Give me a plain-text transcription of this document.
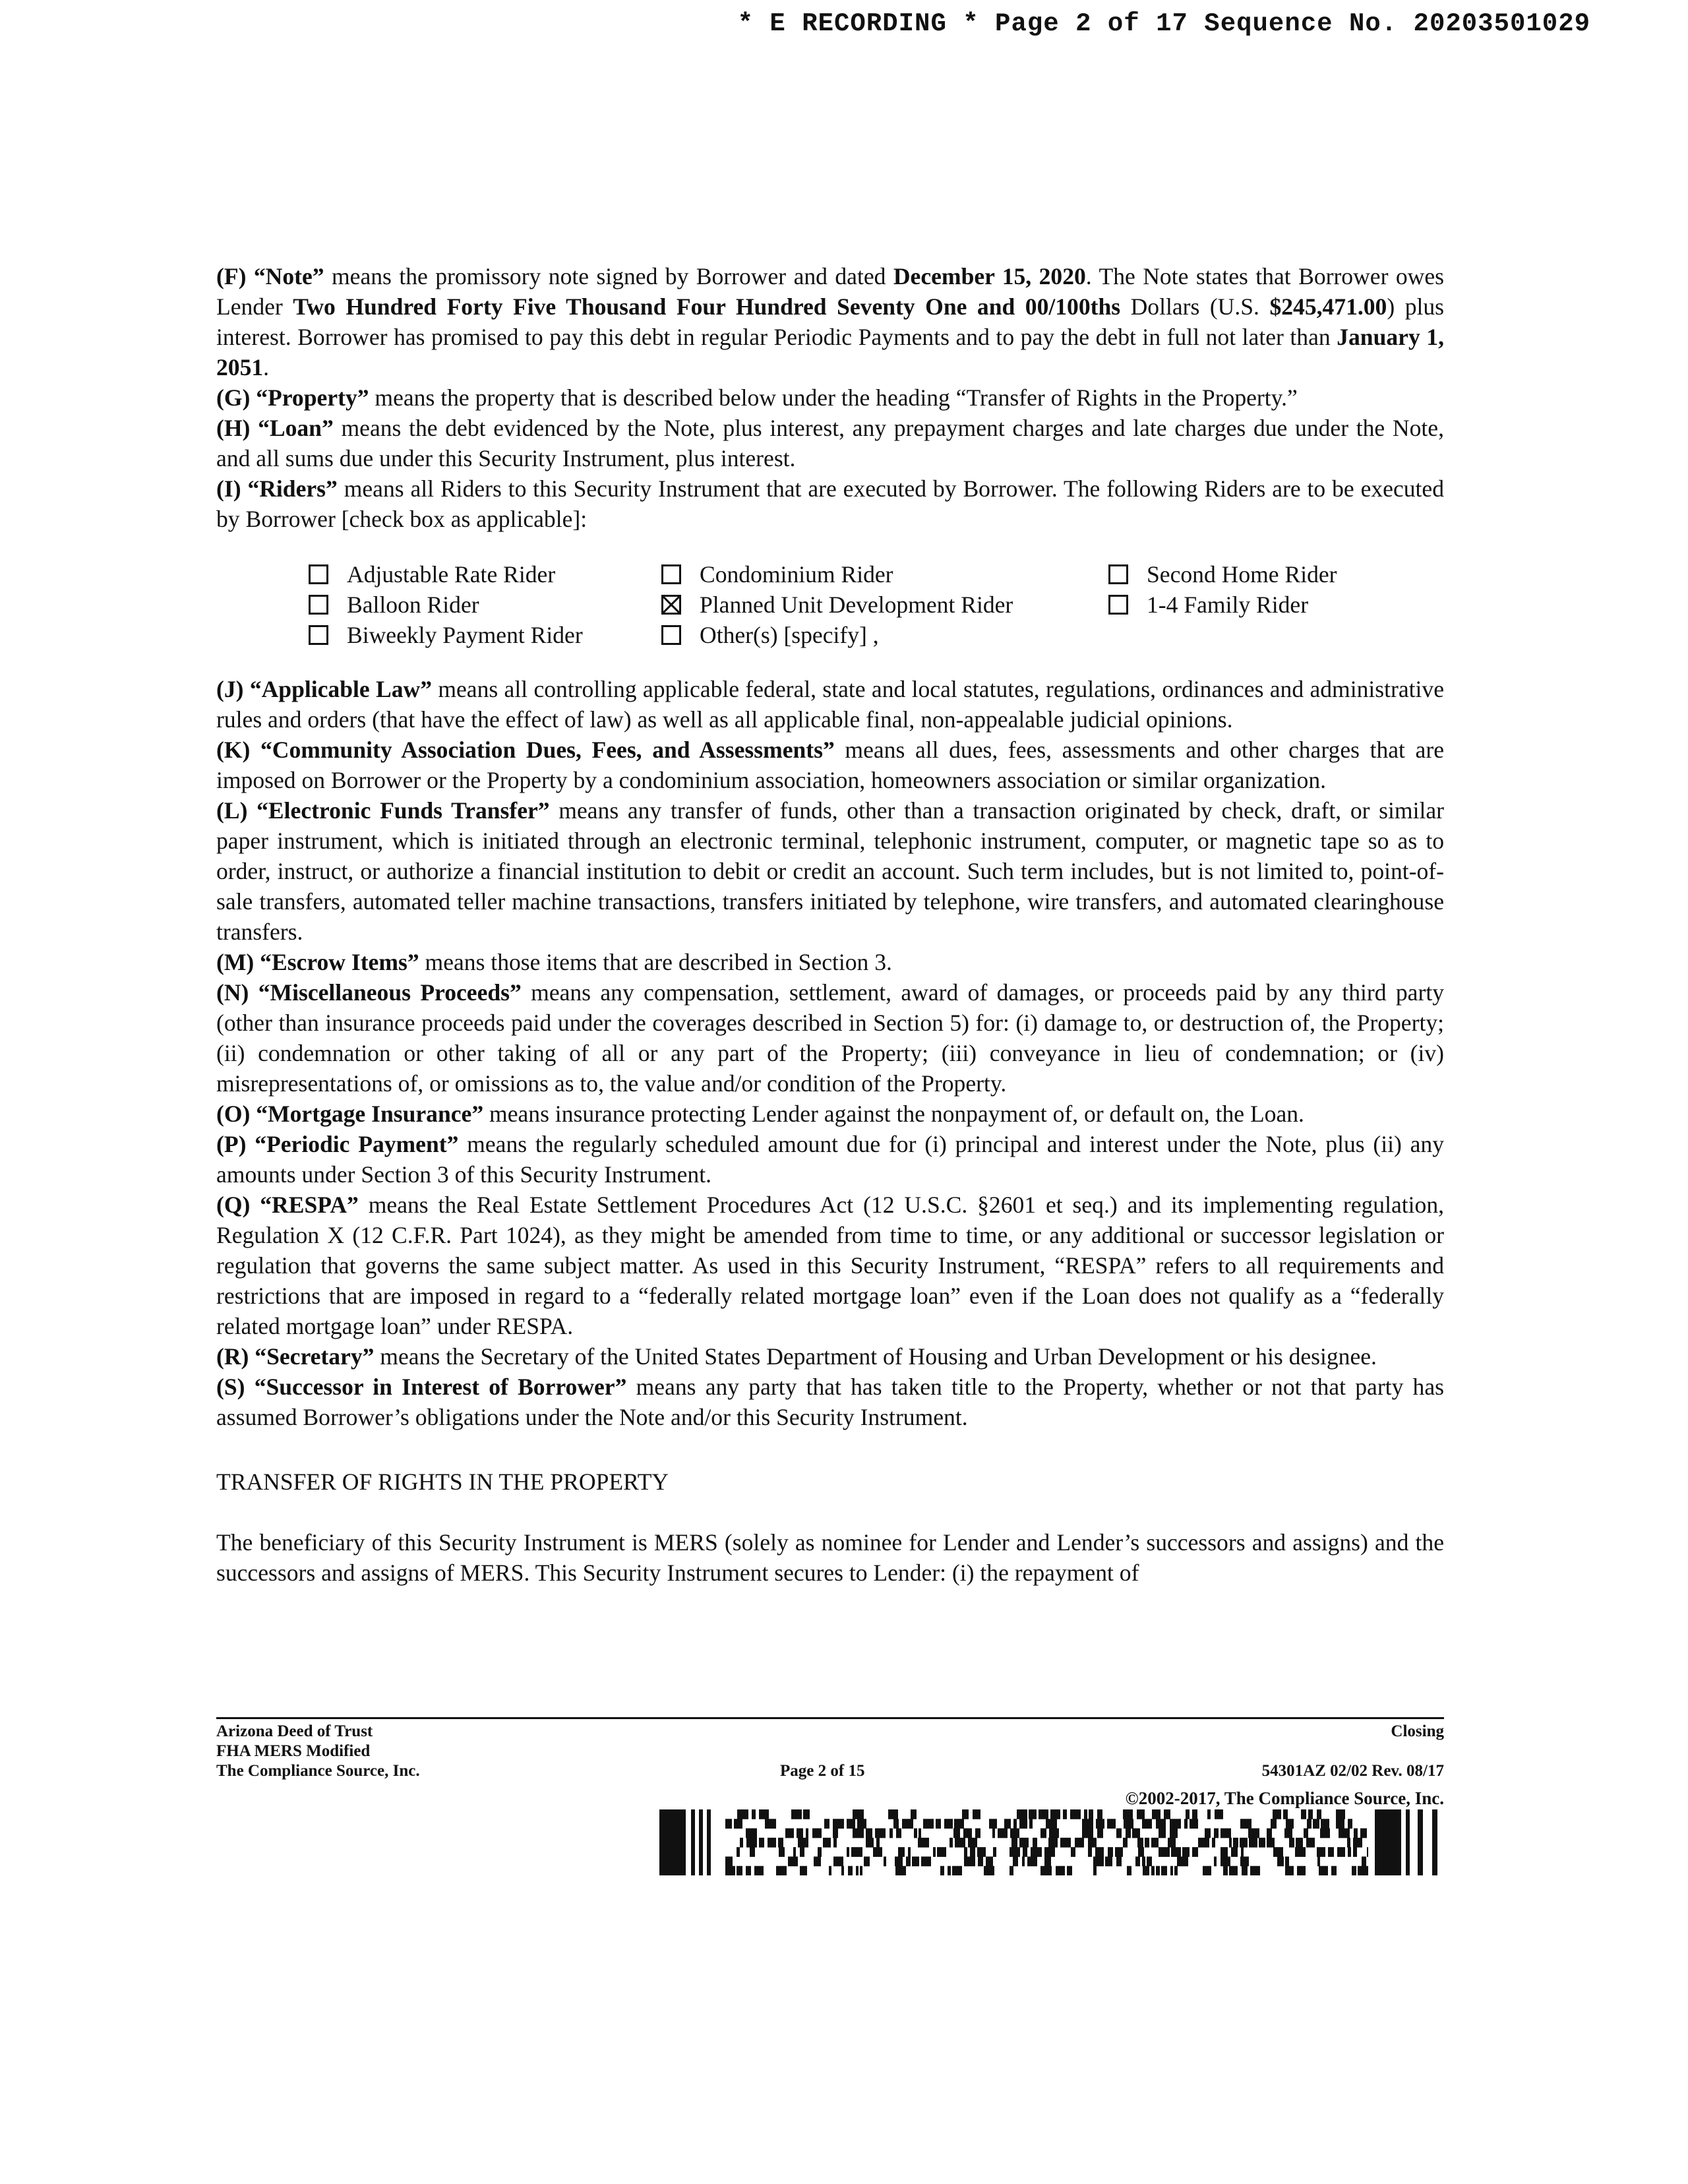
* E RECORDING * Page 2 of 17 Sequence No. 20203501029

(F) “Note” means the promissory note signed by Borrower and dated December 15, 2020. The Note states that Borrower owes Lender Two Hundred Forty Five Thousand Four Hundred Seventy One and 00/100ths Dollars (U.S. $245,471.00) plus interest. Borrower has promised to pay this debt in regular Periodic Payments and to pay the debt in full not later than January 1, 2051.

(G) “Property” means the property that is described below under the heading “Transfer of Rights in the Property.”

(H) “Loan” means the debt evidenced by the Note, plus interest, any prepayment charges and late charges due under the Note, and all sums due under this Security Instrument, plus interest.

(I) “Riders” means all Riders to this Security Instrument that are executed by Borrower. The following Riders are to be executed by Borrower [check box as applicable]:

Adjustable Rate Rider	Condominium Rider	Second Home Rider
Balloon Rider	Planned Unit Development Rider	1-4 Family Rider
Biweekly Payment Rider	Other(s) [specify] ,

(J) “Applicable Law” means all controlling applicable federal, state and local statutes, regulations, ordinances and administrative rules and orders (that have the effect of law) as well as all applicable final, non-appealable judicial opinions.

(K) “Community Association Dues, Fees, and Assessments” means all dues, fees, assessments and other charges that are imposed on Borrower or the Property by a condominium association, homeowners association or similar organization.

(L) “Electronic Funds Transfer” means any transfer of funds, other than a transaction originated by check, draft, or similar paper instrument, which is initiated through an electronic terminal, telephonic instrument, computer, or magnetic tape so as to order, instruct, or authorize a financial institution to debit or credit an account. Such term includes, but is not limited to, point-of-sale transfers, automated teller machine transactions, transfers initiated by telephone, wire transfers, and automated clearinghouse transfers.

(M) “Escrow Items” means those items that are described in Section 3.

(N) “Miscellaneous Proceeds” means any compensation, settlement, award of damages, or proceeds paid by any third party (other than insurance proceeds paid under the coverages described in Section 5) for: (i) damage to, or destruction of, the Property; (ii) condemnation or other taking of all or any part of the Property; (iii) conveyance in lieu of condemnation; or (iv) misrepresentations of, or omissions as to, the value and/or condition of the Property.

(O) “Mortgage Insurance” means insurance protecting Lender against the nonpayment of, or default on, the Loan.

(P) “Periodic Payment” means the regularly scheduled amount due for (i) principal and interest under the Note, plus (ii) any amounts under Section 3 of this Security Instrument.

(Q) “RESPA” means the Real Estate Settlement Procedures Act (12 U.S.C. §2601 et seq.) and its implementing regulation, Regulation X (12 C.F.R. Part 1024), as they might be amended from time to time, or any additional or successor legislation or regulation that governs the same subject matter. As used in this Security Instrument, “RESPA” refers to all requirements and restrictions that are imposed in regard to a “federally related mortgage loan” even if the Loan does not qualify as a “federally related mortgage loan” under RESPA.

(R) “Secretary” means the Secretary of the United States Department of Housing and Urban Development or his designee.

(S) “Successor in Interest of Borrower” means any party that has taken title to the Property, whether or not that party has assumed Borrower’s obligations under the Note and/or this Security Instrument.

TRANSFER OF RIGHTS IN THE PROPERTY

The beneficiary of this Security Instrument is MERS (solely as nominee for Lender and Lender’s successors and assigns) and the successors and assigns of MERS. This Security Instrument secures to Lender: (i) the repayment of

Arizona Deed of Trust	Closing
FHA MERS Modified
The Compliance Source, Inc.	Page 2 of 15	54301AZ 02/02 Rev. 08/17
©2002-2017, The Compliance Source, Inc.
